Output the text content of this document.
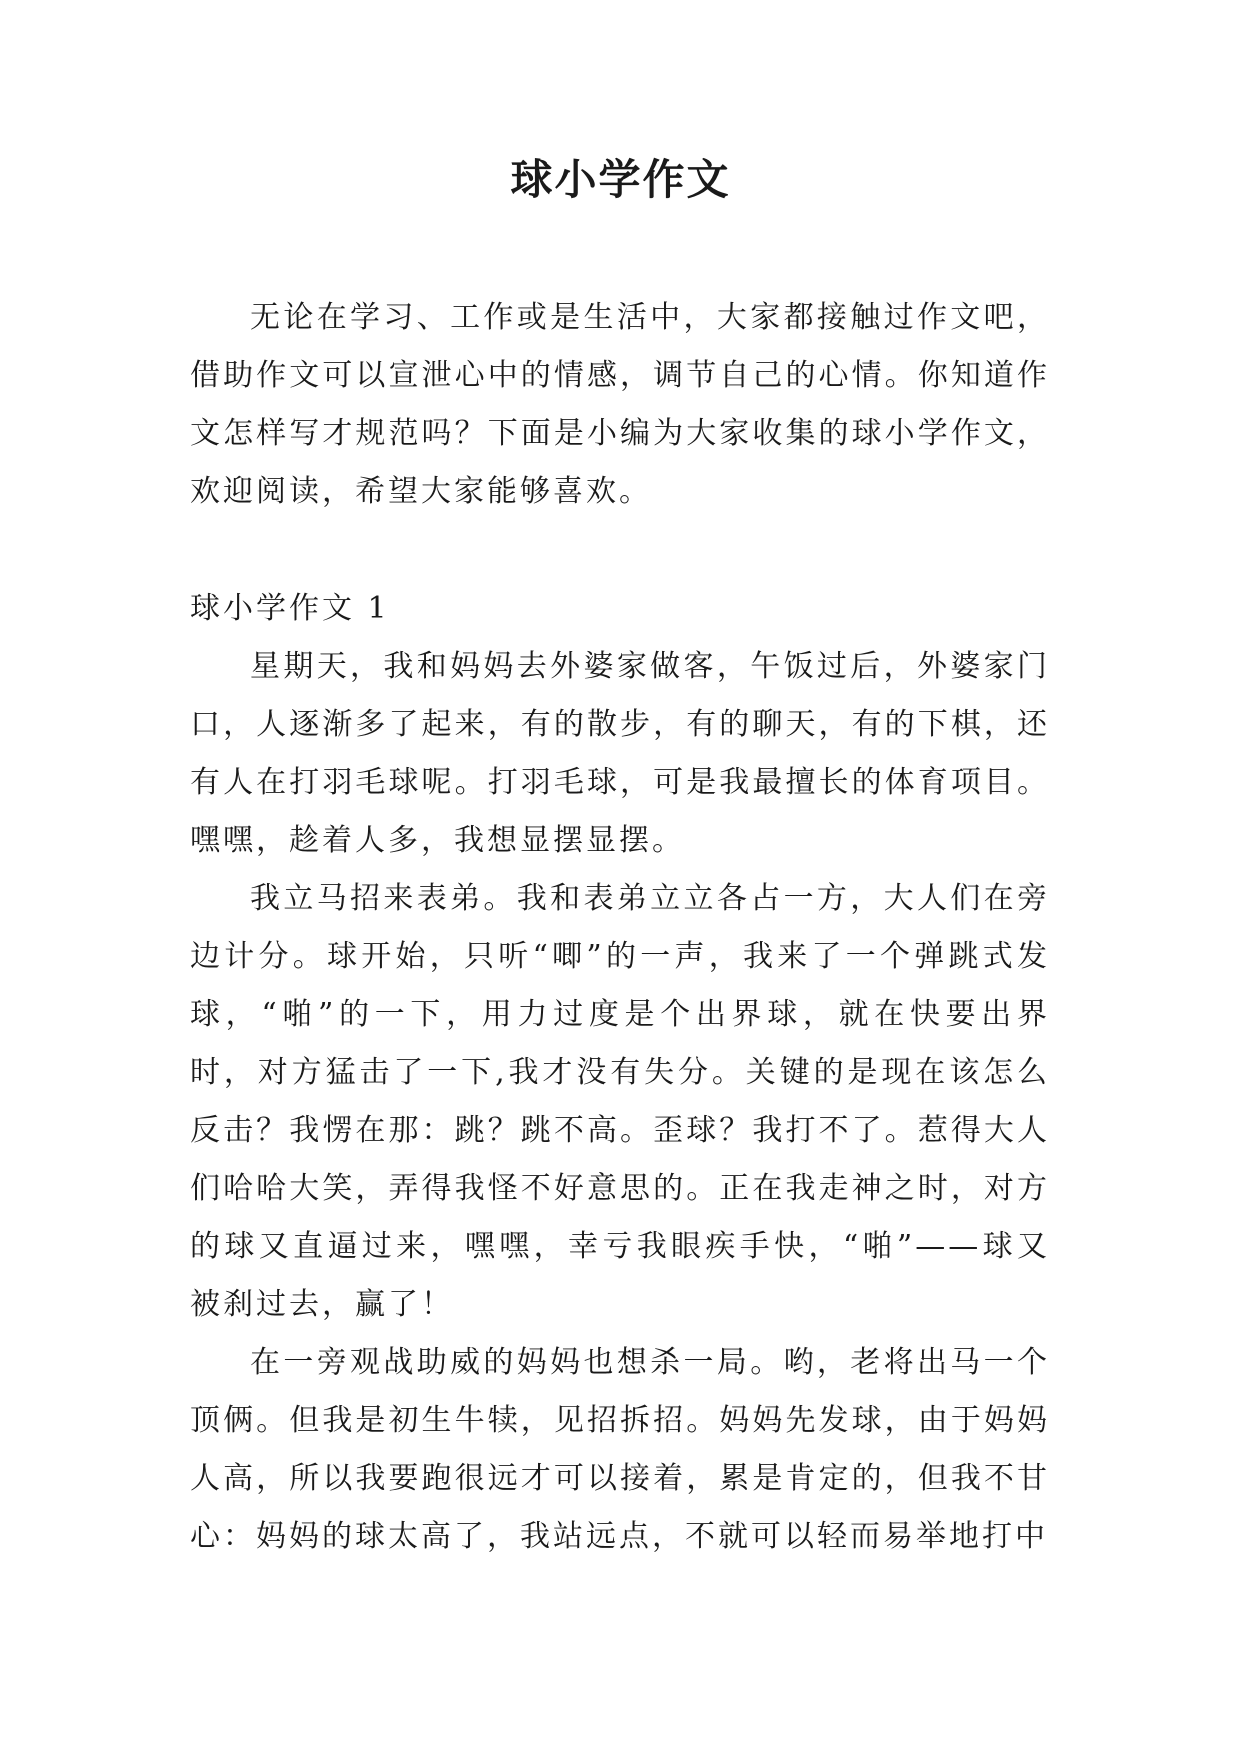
球小学作文

无论在学习、工作或是生活中，大家都接触过作文吧，借助作文可以宣泄心中的情感，调节自己的心情。你知道作文怎样写才规范吗？下面是小编为大家收集的球小学作文，欢迎阅读，希望大家能够喜欢。

球小学作文 1

星期天，我和妈妈去外婆家做客，午饭过后，外婆家门口，人逐渐多了起来，有的散步，有的聊天，有的下棋，还有人在打羽毛球呢。打羽毛球，可是我最擅长的体育项目。嘿嘿，趁着人多，我想显摆显摆。

我立马招来表弟。我和表弟立立各占一方，大人们在旁边计分。球开始，只听“唧”的一声，我来了一个弹跳式发球，“啪”的一下，用力过度是个出界球，就在快要出界时，对方猛击了一下,我才没有失分。关键的是现在该怎么反击？我愣在那：跳？跳不高。歪球？我打不了。惹得大人们哈哈大笑，弄得我怪不好意思的。正在我走神之时，对方的球又直逼过来，嘿嘿，幸亏我眼疾手快，“啪”——球又被刹过去，赢了！

在一旁观战助威的妈妈也想杀一局。哟，老将出马一个顶俩。但我是初生牛犊，见招拆招。妈妈先发球，由于妈妈人高，所以我要跑很远才可以接着，累是肯定的，但我不甘心：妈妈的球太高了，我站远点，不就可以轻而易举地打中
